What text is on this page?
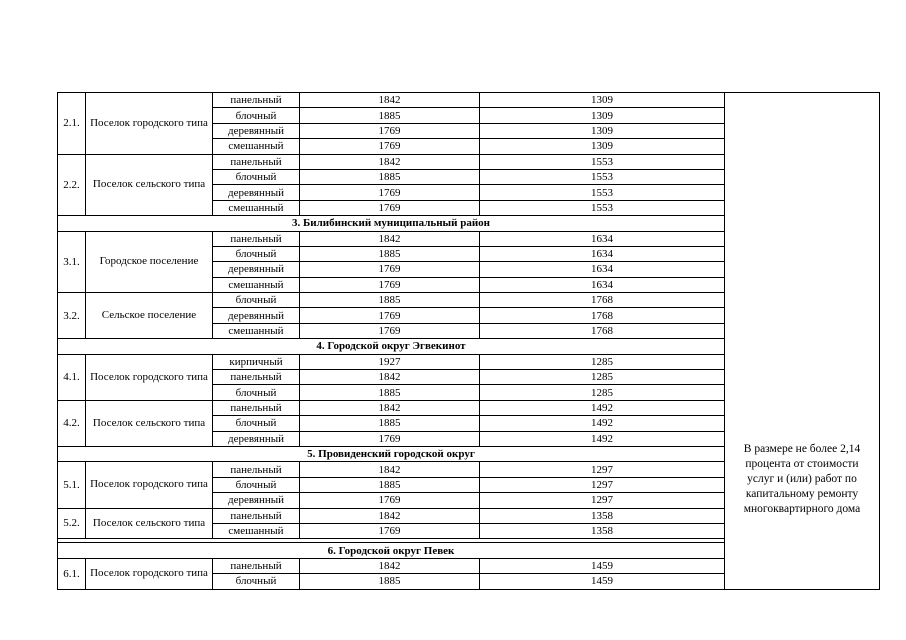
2.1.	Поселок городского типа	панельный	1842	1309	В размере не более 2,14 процента от стоимости услуг и (или) работ по капитальному ремонту многоквартирного дома
		блочный	1885	1309	
		деревянный	1769	1309	
		смешанный	1769	1309	
2.2.	Поселок сельского типа	панельный	1842	1553	
		блочный	1885	1553	
		деревянный	1769	1553	
		смешанный	1769	1553	
3. Билибинский муниципальный район					
3.1.	Городское поселение	панельный	1842	1634	
		блочный	1885	1634	
		деревянный	1769	1634	
		смешанный	1769	1634	
3.2.	Сельское поселение	блочный	1885	1768	
		деревянный	1769	1768	
		смешанный	1769	1768	
4. Городской округ Эгвекинот					
4.1.	Поселок городского типа	кирпичный	1927	1285	
		панельный	1842	1285	
		блочный	1885	1285	
4.2.	Поселок сельского типа	панельный	1842	1492	
		блочный	1885	1492	
		деревянный	1769	1492	
5. Провиденский городской округ					
5.1.	Поселок городского типа	панельный	1842	1297	
		блочный	1885	1297	
		деревянный	1769	1297	
5.2.	Поселок сельского типа	панельный	1842	1358	
		смешанный	1769	1358	

6. Городской округ Певек					
6.1.	Поселок городского типа	панельный	1842	1459	
		блочный	1885	1459	
